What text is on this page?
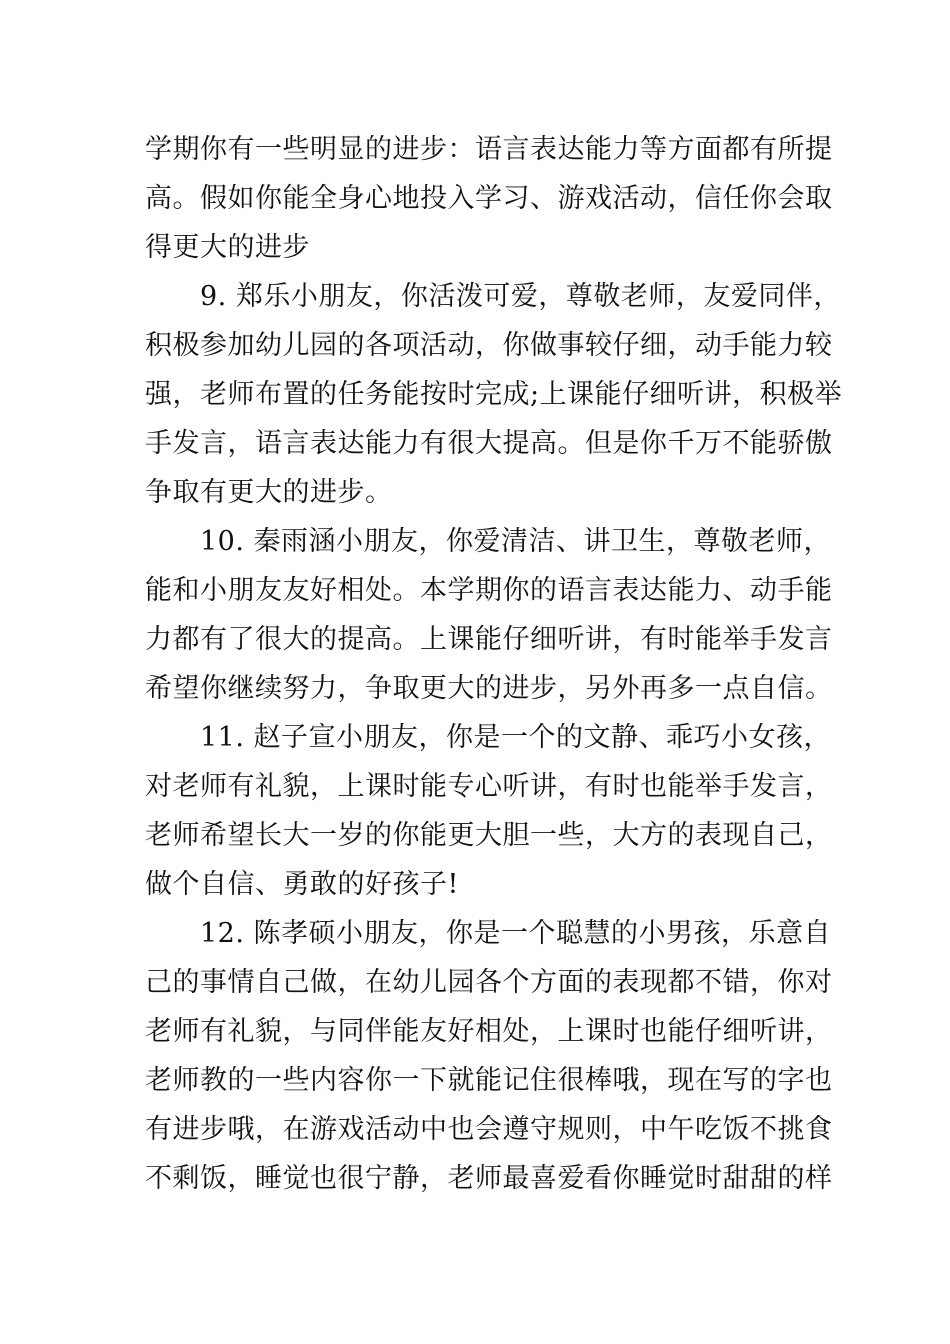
学期你有一些明显的进步：语言表达能力等方面都有所提
高。假如你能全身心地投入学习、游戏活动，信任你会取
得更大的进步
9. 郑乐小朋友，你活泼可爱，尊敬老师，友爱同伴，
积极参加幼儿园的各项活动，你做事较仔细，动手能力较
强，老师布置的任务能按时完成;上课能仔细听讲，积极举
手发言，语言表达能力有很大提高。但是你千万不能骄傲
争取有更大的进步。
10. 秦雨涵小朋友，你爱清洁、讲卫生，尊敬老师，
能和小朋友友好相处。本学期你的语言表达能力、动手能
力都有了很大的提高。上课能仔细听讲，有时能举手发言
希望你继续努力，争取更大的进步，另外再多一点自信。
11. 赵子宣小朋友，你是一个的文静、乖巧小女孩，
对老师有礼貌，上课时能专心听讲，有时也能举手发言，
老师希望长大一岁的你能更大胆一些，大方的表现自己，
做个自信、勇敢的好孩子!
12. 陈孝硕小朋友，你是一个聪慧的小男孩，乐意自
己的事情自己做，在幼儿园各个方面的表现都不错，你对
老师有礼貌，与同伴能友好相处，上课时也能仔细听讲，
老师教的一些内容你一下就能记住很棒哦，现在写的字也
有进步哦，在游戏活动中也会遵守规则，中午吃饭不挑食
不剩饭，睡觉也很宁静，老师最喜爱看你睡觉时甜甜的样
